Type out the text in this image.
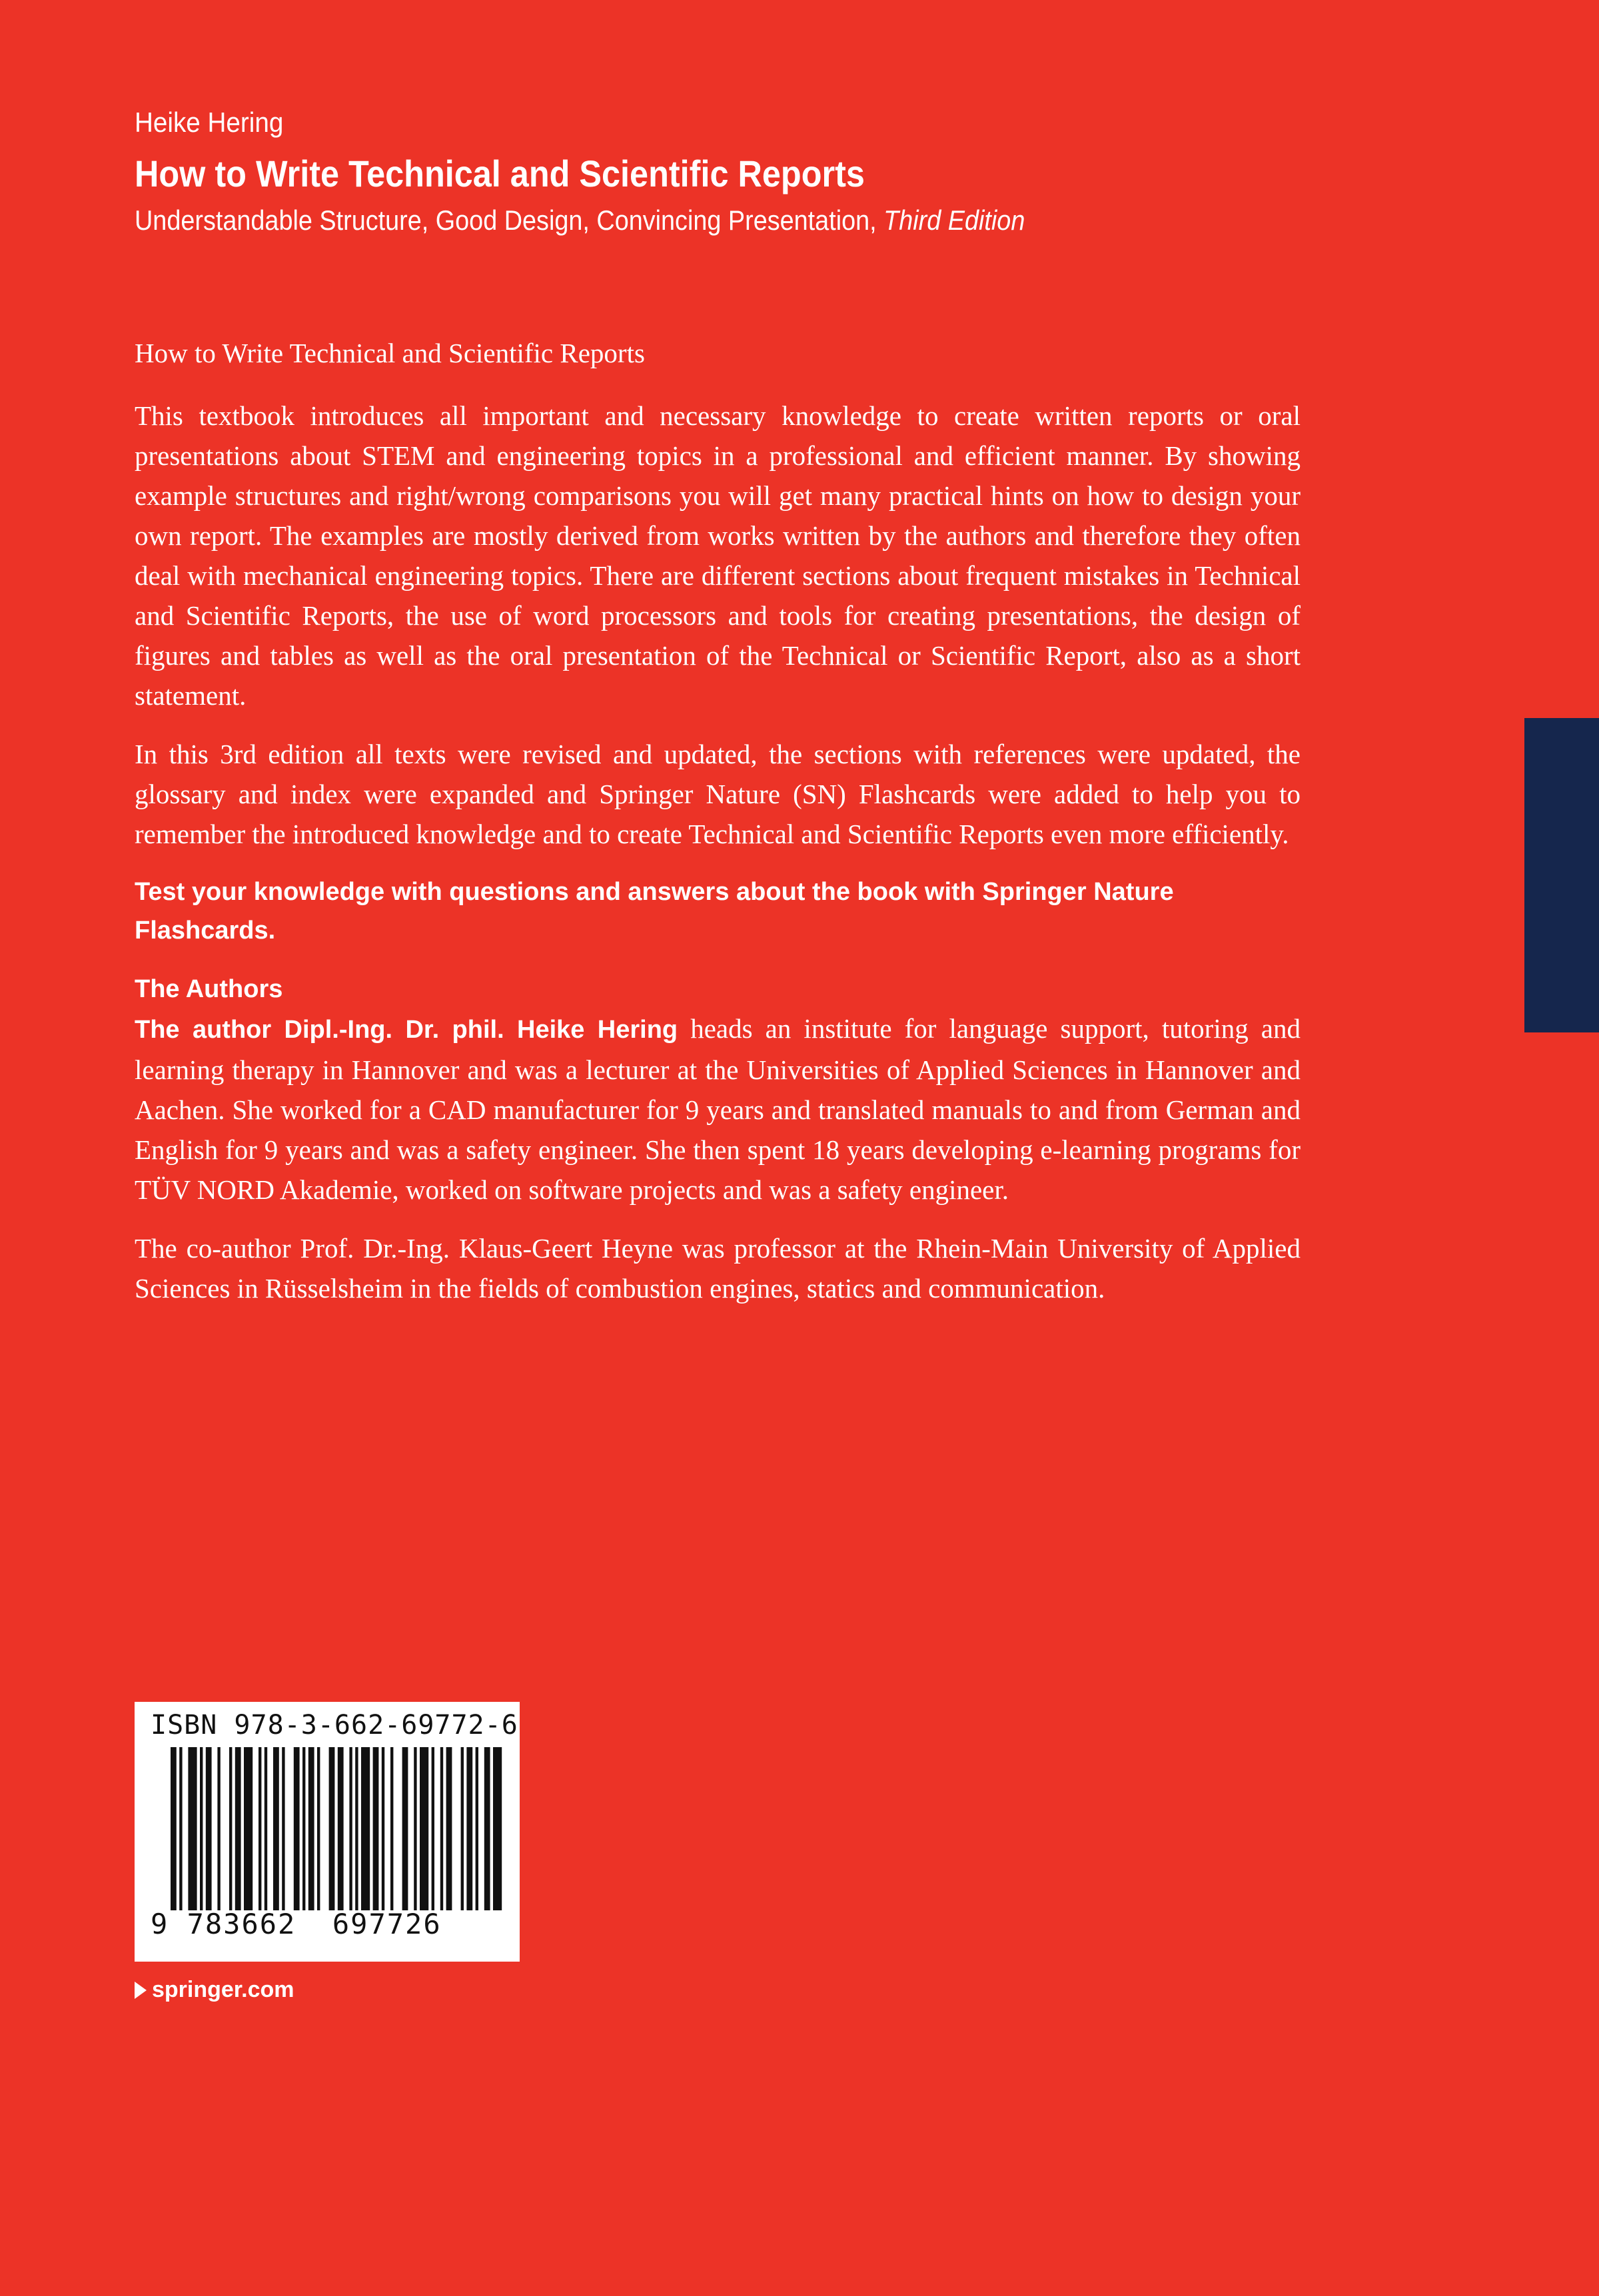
Heike Hering

How to Write Technical and Scientific Reports

Understandable Structure, Good Design, Convincing Presentation, Third Edition

How to Write Technical and Scientific Reports

This textbook introduces all important and necessary knowledge to create written reports or oral presentations about STEM and engineering topics in a professional and efficient manner. By showing example structures and right/wrong comparisons you will get many practical hints on how to design your own report. The examples are mostly derived from works written by the authors and therefore they often deal with mechanical engineering topics. There are different sections about frequent mistakes in Technical and Scientific Reports, the use of word processors and tools for creating presentations, the design of figures and tables as well as the oral presentation of the Technical or Scientific Report, also as a short statement.

In this 3rd edition all texts were revised and updated, the sections with references were updated, the glossary and index were expanded and Springer Nature (SN) Flashcards were added to help you to remember the introduced knowledge and to create Technical and Scientific Reports even more efficiently.

Test your knowledge with questions and answers about the book with Springer Nature Flashcards.

The Authors

The author Dipl.-Ing. Dr. phil. Heike Hering heads an institute for language support, tutoring and learning therapy in Hannover and was a lecturer at the Universities of Applied Sciences in Hannover and Aachen. She worked for a CAD manufacturer for 9 years and translated manuals to and from German and English for 9 years and was a safety engineer. She then spent 18 years developing e-learning programs for TÜV NORD Akademie, worked on software projects and was a safety engineer.

The co-author Prof. Dr.-Ing. Klaus-Geert Heyne was professor at the Rhein-Main University of Applied Sciences in Rüsselsheim in the fields of combustion engines, statics and communication.

ISBN 978-3-662-69772-6
9 783662 697726
springer.com
